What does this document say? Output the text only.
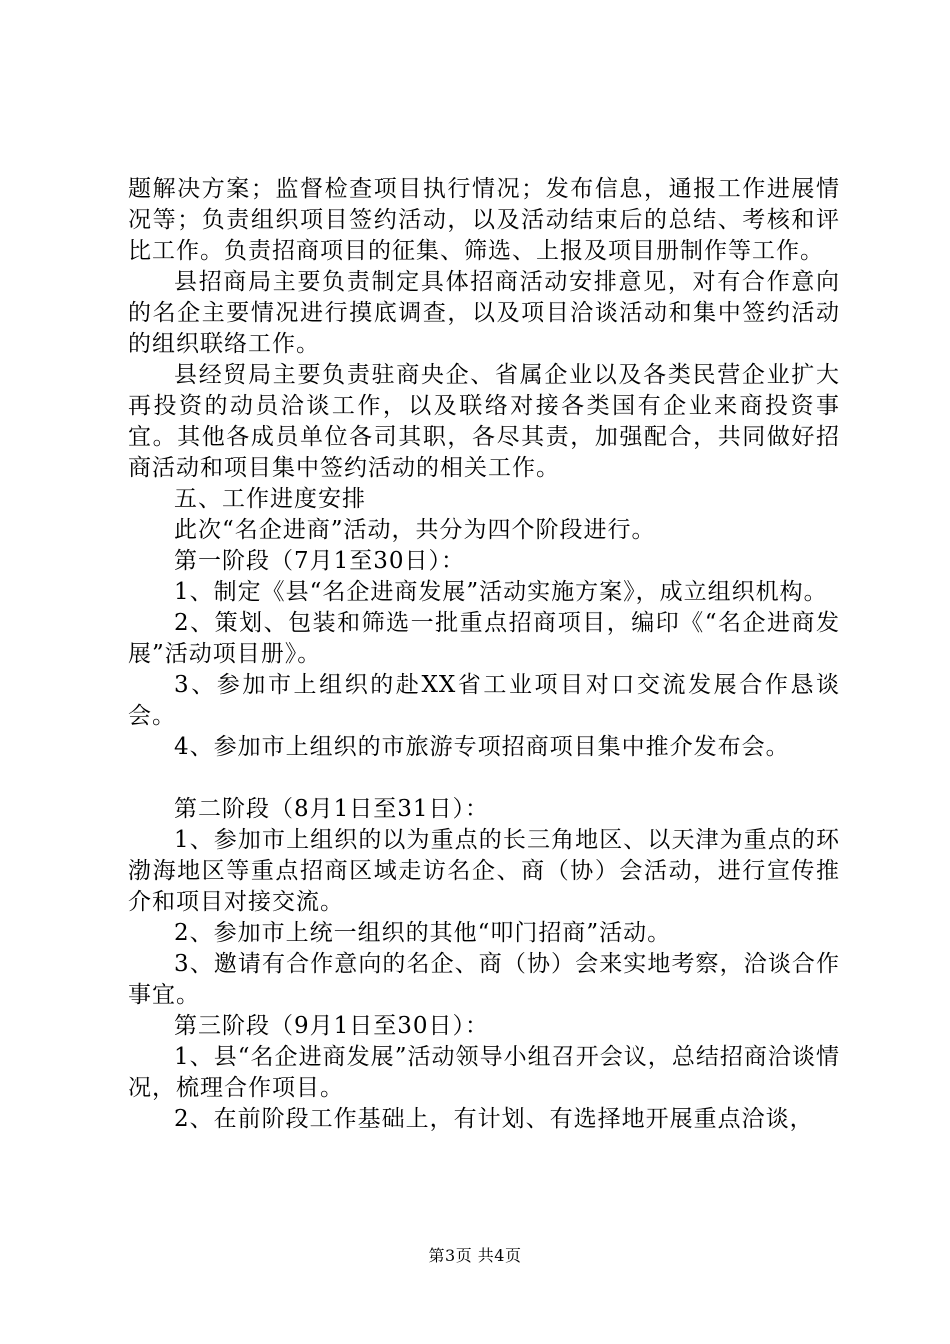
题解决方案；监督检查项目执行情况；发布信息，通报工作进展情况等；负责组织项目签约活动，以及活动结束后的总结、考核和评比工作。负责招商项目的征集、筛选、上报及项目册制作等工作。

县招商局主要负责制定具体招商活动安排意见，对有合作意向的名企主要情况进行摸底调查，以及项目洽谈活动和集中签约活动的组织联络工作。

县经贸局主要负责驻商央企、省属企业以及各类民营企业扩大再投资的动员洽谈工作，以及联络对接各类国有企业来商投资事宜。其他各成员单位各司其职，各尽其责，加强配合，共同做好招商活动和项目集中签约活动的相关工作。

五、工作进度安排

此次“名企进商”活动，共分为四个阶段进行。

第一阶段（7月1至30日）：

1、制定《县“名企进商发展”活动实施方案》，成立组织机构。

2、策划、包装和筛选一批重点招商项目，编印《“名企进商发展”活动项目册》。

3、参加市上组织的赴XX省工业项目对口交流发展合作恳谈会。

4、参加市上组织的市旅游专项招商项目集中推介发布会。

第二阶段（8月1日至31日）：

1、参加市上组织的以为重点的长三角地区、以天津为重点的环渤海地区等重点招商区域走访名企、商（协）会活动，进行宣传推介和项目对接交流。

2、参加市上统一组织的其他“叩门招商”活动。

3、邀请有合作意向的名企、商（协）会来实地考察，洽谈合作事宜。

第三阶段（9月1日至30日）：

1、县“名企进商发展”活动领导小组召开会议，总结招商洽谈情况，梳理合作项目。

2、在前阶段工作基础上，有计划、有选择地开展重点洽谈，

第3页 共4页
